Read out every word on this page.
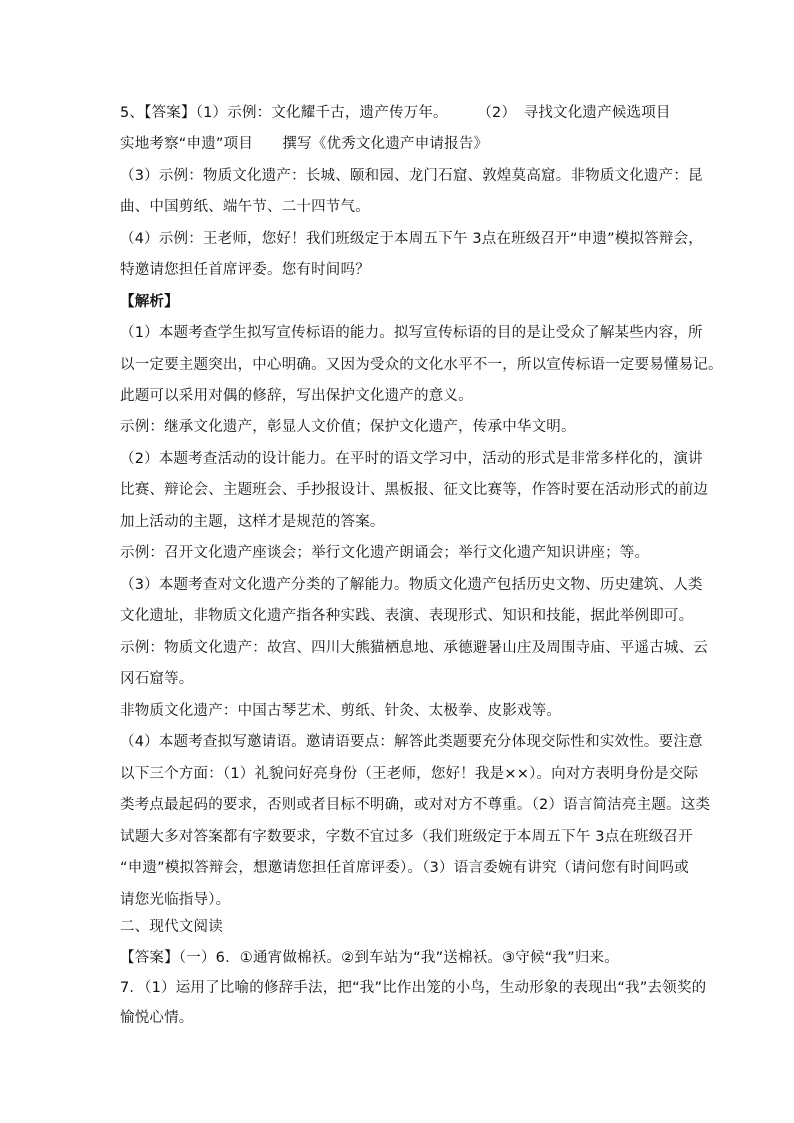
5、【答案】（1）示例：文化耀千古，遗产传万年。　　　（2）　寻找文化遗产候选项目
实地考察“申遗”项目　　撰写《优秀文化遗产申请报告》
（3）示例：物质文化遗产：长城、颐和园、龙门石窟、敦煌莫高窟。非物质文化遗产：昆
曲、中国剪纸、端午节、二十四节气。
（4）示例：王老师，您好！我们班级定于本周五下午 3点在班级召开“申遗”模拟答辩会，
特邀请您担任首席评委。您有时间吗？
【解析】
（1）本题考查学生拟写宣传标语的能力。拟写宣传标语的目的是让受众了解某些内容，所
以一定要主题突出，中心明确。又因为受众的文化水平不一，所以宣传标语一定要易懂易记。
此题可以采用对偶的修辞，写出保护文化遗产的意义。
示例：继承文化遗产，彰显人文价值；保护文化遗产，传承中华文明。
（2）本题考查活动的设计能力。在平时的语文学习中，活动的形式是非常多样化的，演讲
比赛、辩论会、主题班会、手抄报设计、黑板报、征文比赛等，作答时要在活动形式的前边
加上活动的主题，这样才是规范的答案。
示例：召开文化遗产座谈会；举行文化遗产朗诵会；举行文化遗产知识讲座；等。
（3）本题考查对文化遗产分类的了解能力。物质文化遗产包括历史文物、历史建筑、人类
文化遗址，非物质文化遗产指各种实践、表演、表现形式、知识和技能，据此举例即可。
示例：物质文化遗产：故宫、四川大熊猫栖息地、承德避暑山庄及周围寺庙、平遥古城、云
冈石窟等。
非物质文化遗产：中国古琴艺术、剪纸、针灸、太极拳、皮影戏等。
（4）本题考查拟写邀请语。邀请语要点：解答此类题要充分体现交际性和实效性。要注意
以下三个方面：（1）礼貌问好亮身份（王老师，您好！我是××）。向对方表明身份是交际
类考点最起码的要求，否则或者目标不明确，或对对方不尊重。（2）语言简洁亮主题。这类
试题大多对答案都有字数要求，字数不宜过多（我们班级定于本周五下午 3点在班级召开
“申遗”模拟答辩会，想邀请您担任首席评委）。（3）语言委婉有讲究（请问您有时间吗或
请您光临指导）。
二、现代文阅读
【答案】（一）6．①通宵做棉袄。②到车站为“我”送棉袄。③守候“我”归来。
7．（1）运用了比喻的修辞手法，把“我”比作出笼的小鸟，生动形象的表现出“我”去领奖的
愉悦心情。
